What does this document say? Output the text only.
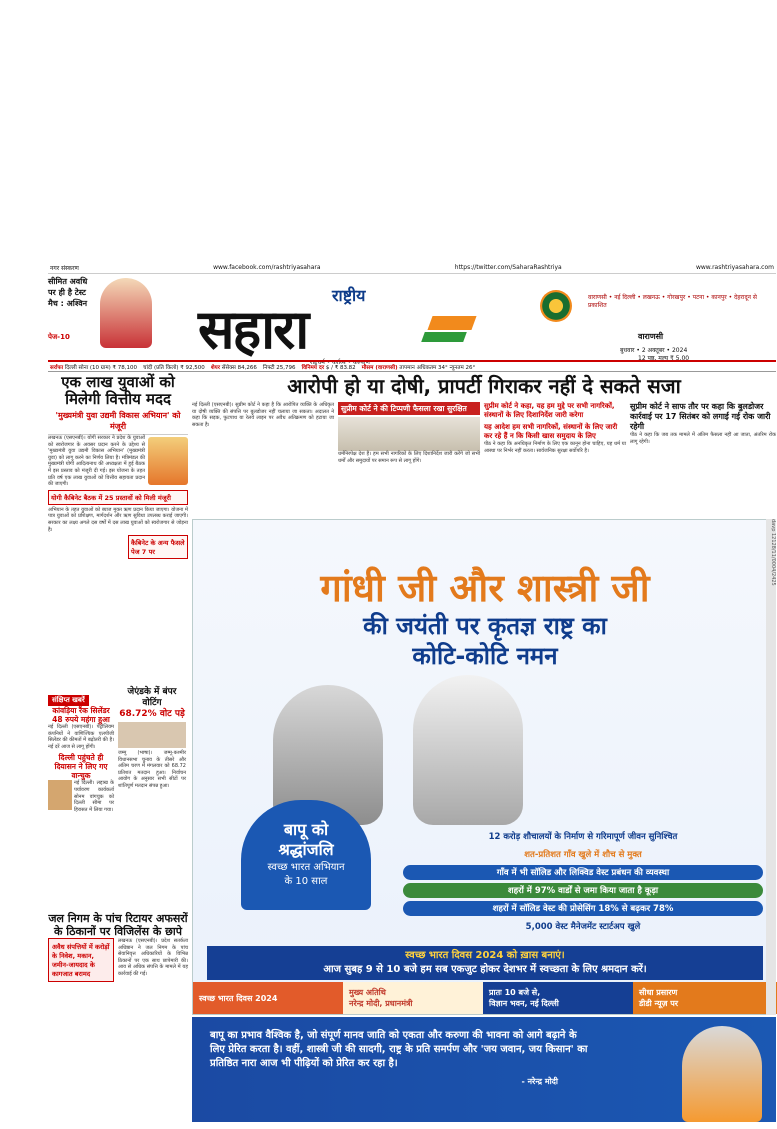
नगर संस्करण	www.facebook.com/rashtriyasahara	https://twitter.com/SaharaRashtriya	www.rashtriyasahara.com
सीमित अवधि
पर ही है टेस्ट
मैच : अश्विन
पेज-10
राष्ट्रीय
सहारा
राष्ट्रधर्म • कर्तव्य • कल्याण
वाराणसी • नई दिल्ली • लखनऊ • गोरखपुर • पटना • कानपुर • देहरादून से प्रकाशित
वाराणसी
बुधवार • 2 अक्तूबर • 2024
12 पृष्ठ, मूल्य ₹ 5.00
सर्राफा दिल्ली सोना (10 ग्राम) ₹ 78,100 चांदी (प्रति किलो) ₹ 92,500 शेयर सेंसेक्स 84,266 निफ्टी 25,796 विनिमय दर $ / ₹ 83.82 मौसम (वाराणसी) तापमान अधिकतम 34° न्यूनतम 26°
एक लाख युवाओं को मिलेगी वित्तीय मदद
'मुख्यमंत्री युवा उद्यमी विकास अभियान' को मंजूरी

लखनऊ (एसएनबी)। योगी सरकार ने प्रदेश के युवाओं को स्वरोजगार के अवसर प्रदान करने के उद्देश्य से 'मुख्यमंत्री युवा उद्यमी विकास अभियान' (मुख्यमंत्री युवा) को लागू करने का निर्णय लिया है। मंत्रिमंडल की मुख्यमंत्री योगी आदित्यनाथ की अध्यक्षता में हुई बैठक में इस प्रस्ताव को मंजूरी दी गई। इस योजना के तहत प्रति वर्ष एक लाख युवाओं को वित्तीय सहायता प्रदान की जाएगी।

योगी कैबिनेट बैठक में 25 प्रस्तावों को मिली मंजूरी

अभियान के तहत युवाओं को ब्याज मुक्त ऋण प्रदान किया जाएगा। योजना में पात्र युवाओं को प्रशिक्षण, मार्गदर्शन और ऋण सुविधा उपलब्ध कराई जाएगी। सरकार का लक्ष्य अगले दस वर्षों में दस लाख युवाओं को स्वरोजगार से जोड़ना है।

कैबिनेट के अन्य फैसले पेज 7 पर
संक्षिप्त खबरें
कांवड़िया रैंक सिलेंडर 48 रुपये महंगा हुआ

नई दिल्ली (एसएनबी)। पेट्रोलियम कंपनियों ने वाणिज्यिक एलपीजी सिलेंडर की कीमतों में बढ़ोतरी की है। नई दरें आज से लागू होंगी।

दिल्ली पहुंचते ही दियासन ने लिए गए वान्चुक

नई दिल्ली। लद्दाख के पर्यावरण कार्यकर्ता सोनम वांगचुक को दिल्ली सीमा पर हिरासत में लिया गया।

जेएंडके में बंपर वोटिंग
68.72% वोट पड़े

जम्मू (भाषा)। जम्मू-कश्मीर विधानसभा चुनाव के तीसरे और अंतिम चरण में मंगलवार को 68.72 प्रतिशत मतदान हुआ। निर्वाचन आयोग के अनुसार सभी सीटों पर शांतिपूर्ण मतदान संपन्न हुआ।

जल निगम के पांच रिटायर अफसरों के ठिकानों पर विजिलेंस के छापे
अवैध संपत्तियों में करोड़ों के निवेश, मकान, जमीन-जायदाद के कागजात बरामद

लखनऊ (एसएनबी)। प्रदेश सतर्कता अधिष्ठान ने जल निगम के पांच सेवानिवृत्त अधिकारियों के विभिन्न ठिकानों पर एक साथ छापेमारी की। आय से अधिक संपत्ति के मामले में यह कार्रवाई की गई।

आरोपी हो या दोषी, प्रापर्टी गिराकर नहीं दे सकते सजा

नई दिल्ली (एसएनबी)। सुप्रीम कोर्ट ने कहा है कि आरोपित व्यक्ति के अधिकृत या दोषी व्यक्ति की संपत्ति पर बुलडोजर नहीं चलाया जा सकता। अदालत ने कहा कि सड़क, फुटपाथ या रेलवे लाइन पर अवैध अतिक्रमण को हटाया जा सकता है।

सुप्रीम कोर्ट ने की टिप्पणी फैसला रखा सुरक्षित

धर्मनिरपेक्ष देश है। हम सभी नागरिकों के लिए दिशानिर्देश जारी करेंगे जो सभी धर्मों और समुदायों पर समान रूप से लागू होंगे।

सुप्रीम कोर्ट ने कहा, यह हम मुद्दे पर सभी नागरिकों, संस्थानों के लिए दिशानिर्देश जारी करेगा
यह आदेश हम सभी नागरिकों, संस्थानों के लिए जारी कर रहे हैं न कि किसी खास समुदाय के लिए

पीठ ने कहा कि अनधिकृत निर्माण के लिए एक कानून होना चाहिए, यह धर्म या आस्था पर निर्भर नहीं करता। सार्वजनिक सुरक्षा सर्वोपरि है।

सुप्रीम कोर्ट ने साफ तौर पर कहा कि बुलडोजर कार्रवाई पर 17 सितंबर को लगाई गई रोक जारी रहेगी

पीठ ने कहा कि जब तक मामले में अंतिम फैसला नहीं आ जाता, अंतरिम रोक लागू रहेगी।

गांधी जी और शास्त्री जी
की जयंती पर कृतज्ञ राष्ट्र का
कोटि-कोटि नमन
बापू को
श्रद्धांजलि
स्वच्छ भारत अभियान
के 10 साल
12 करोड़ शौचालयों के निर्माण से गरिमापूर्ण जीवन सुनिश्चित
शत-प्रतिशत गाँव खुले में शौच से मुक्त
गाँव में भी सॉलिड और लिक्विड वेस्ट प्रबंधन की व्यवस्था
शहरों में 97% वार्डों से जमा किया जाता है कूड़ा
शहरों में सॉलिड वेस्ट की प्रोसेसिंग 18% से बढ़कर 78%
5,000 वेस्ट मैनेजमेंट स्टार्टअप खुले
स्वच्छ भारत दिवस 2024 को ख़ास बनाएं।
आज सुबह 9 से 10 बजे हम सब एकजुट होकर देशभर में स्वच्छता के लिए श्रमदान करें।
स्वच्छ भारत दिवस 2024
मुख्य अतिथि
नरेन्द्र मोदी, प्रधानमंत्री
प्रातः 10 बजे से,
विज्ञान भवन, नई दिल्ली
सीधा प्रसारण
डीडी न्यूज़ पर
davp 12128/11/0004/2425
बापू का प्रभाव वैश्विक है, जो संपूर्ण मानव जाति को एकता और करुणा की भावना को आगे बढ़ाने के लिए प्रेरित करता है। वहीं, शास्त्री जी की सादगी, राष्ट्र के प्रति समर्पण और 'जय जवान, जय किसान' का प्रतिष्ठित नारा आज भी पीढ़ियों को प्रेरित कर रहा है।
- नरेन्द्र मोदी
